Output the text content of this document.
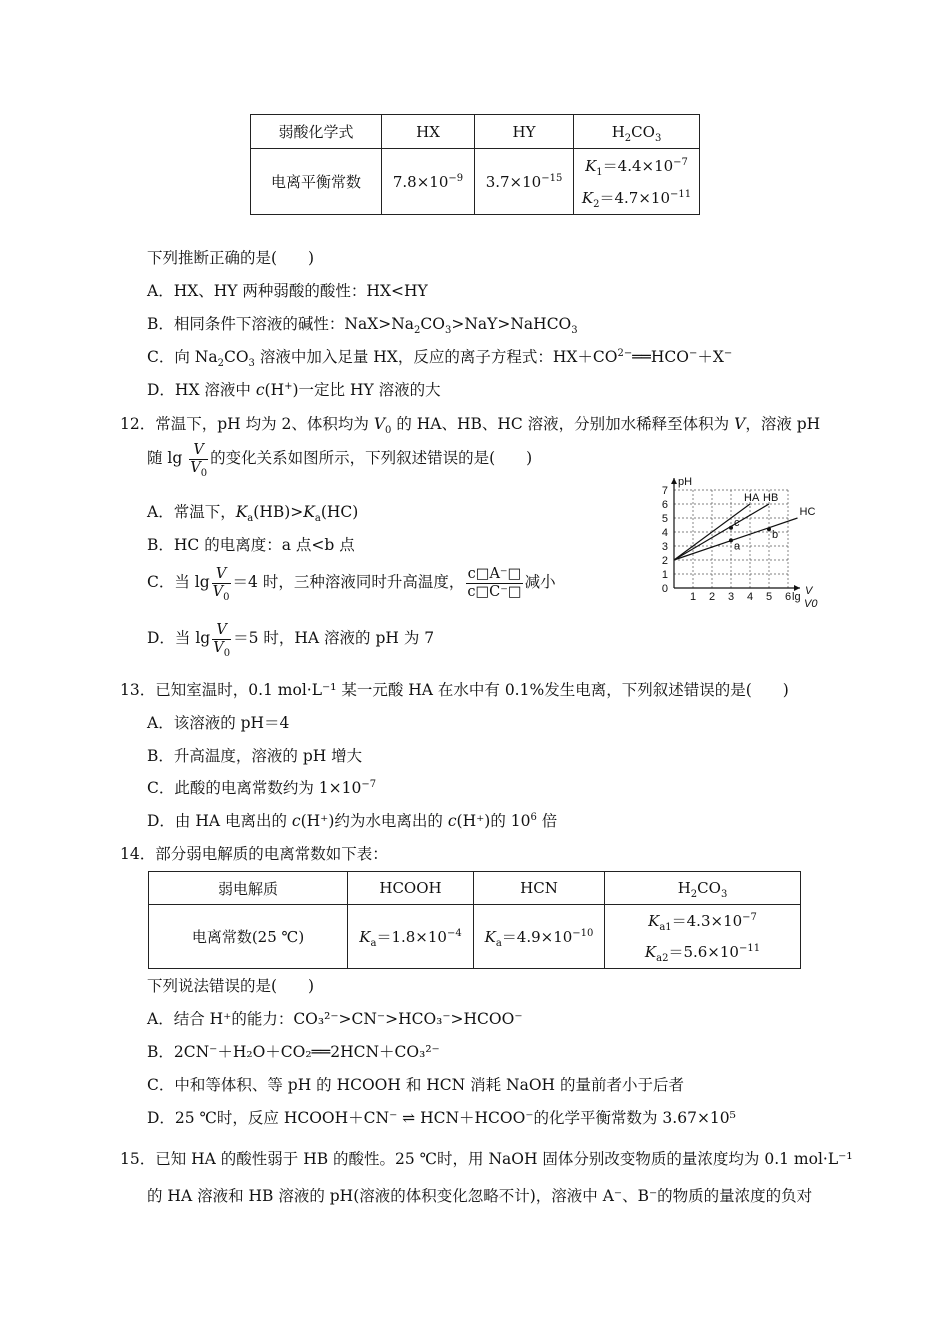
弱酸化学式	HX	HY	$H_2CO_3$
电离平衡常数	$7.8\times 10^{-9}$	$3.7\times 10^{-15}$	$K_1=4.4\times 10^{-7}$
$K_2=4.7\times 10^{-11}$
下列推断正确的是(　　)
A．HX、HY 两种弱酸的酸性：HX<HY
B．相同条件下溶液的碱性：$NaX>Na_2CO_3>NaY>NaHCO_3$
C．向 $Na_2CO_3$ 溶液中加入足量 HX，反应的离子方程式：$HX+CO^{2-}══HCO^-+X^-$
D．HX 溶液中 c(H+)一定比 HY 溶液的大
12．常温下，pH 均为 2、体积均为 $V_0$ 的 HA、HB、HC 溶液，分别加水稀释至体积为 V，溶液 pH
随 $\lg \frac{V}{V_0}$ 的变化关系如图所示，下列叙述错误的是(　　)
A．常温下，$K_a(HB)>K_a(HC)$
B．HC 的电离度：a 点<b 点
C．当 $\lg \frac{V}{V_0} =4$ 时，三种溶液同时升高温度， $\frac{c□A^-□}{c□C^-□}$ 减小
D．当 $\lg \frac{V}{V_0} =5$ 时，HA 溶液的 pH 为 7
1 2 3 4 5 6
0
1
2
3
4
5
6
7
pH
lg V
V0
HA HB
HC
a
b
c
13．已知室温时，0.1 mol·L⁻¹ 某一元酸 HA 在水中有 0.1%发生电离，下列叙述错误的是(　　)
A．该溶液的 pH＝4
B．升高温度，溶液的 pH 增大
C．此酸的电离常数约为 $1\times 10^{-7}$
D．由 HA 电离出的 c(H⁺)约为水电离出的 c(H⁺)的 $10^6$ 倍
14．部分弱电解质的电离常数如下表：
弱电解质	HCOOH	HCN	$H_2CO_3$
电离常数(25 ℃)	$K_a=1.8\times 10^{-4}$	$K_a=4.9\times 10^{-10}$	$K_{a1}=4.3\times 10^{-7}$
$K_{a2}=5.6\times 10^{-11}$
下列说法错误的是(　　)
A．结合 H⁺的能力：CO₃²⁻>CN⁻>HCO₃⁻>HCOO⁻
B．2CN⁻＋H₂O＋CO₂══2HCN＋CO₃²⁻
C．中和等体积、等 pH 的 HCOOH 和 HCN 消耗 NaOH 的量前者小于后者
D．25 ℃时，反应 HCOOH＋CN⁻ ⇌ HCN＋HCOO⁻的化学平衡常数为 3.67×10⁵
15．已知 HA 的酸性弱于 HB 的酸性。25 ℃时，用 NaOH 固体分别改变物质的量浓度均为 0.1 mol·L⁻¹
的 HA 溶液和 HB 溶液的 pH(溶液的体积变化忽略不计)，溶液中 A⁻、B⁻的物质的量浓度的负对
